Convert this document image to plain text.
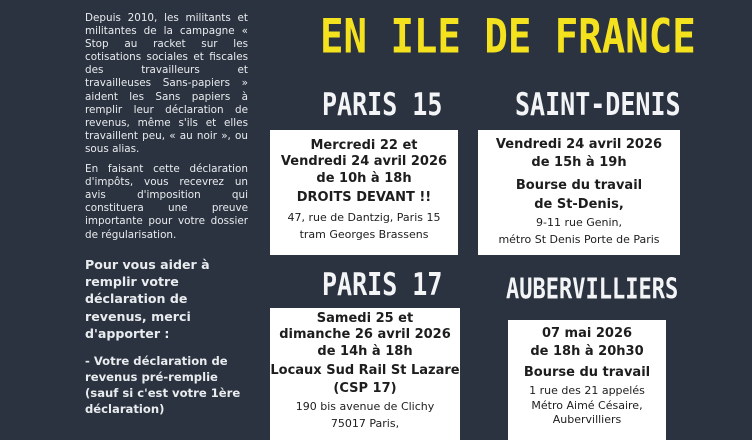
Depuis 2010, les militants et militantes de la campagne « Stop au racket sur les cotisations sociales et fiscales des travailleurs et travailleuses Sans-papiers » aident les Sans papiers à remplir leur déclaration de revenus, même s'ils et elles travaillent peu, « au noir », ou sous alias.

En faisant cette déclaration d'impôts, vous recevrez un avis d'imposition qui constituera une preuve importante pour votre dossier de régularisation.

Pour vous aider à remplir votre déclaration de revenus, merci d'apporter :

- Votre déclaration de revenus pré-remplie (sauf si c'est votre 1ère déclaration)

EN ILE DE FRANCE
PARIS 15
Mercredi 22 et
Vendredi 24 avril 2026
de 10h à 18h
DROITS DEVANT !!
47, rue de Dantzig, Paris 15
tram Georges Brassens
SAINT-DENIS
Vendredi 24 avril 2026
de 15h à 19h
Bourse du travail
de St-Denis,
9-11 rue Genin,
métro St Denis Porte de Paris
PARIS 17
Samedi 25 et
dimanche 26 avril 2026
de 14h à 18h
Locaux Sud Rail St Lazare
(CSP 17)
190 bis avenue de Clichy
75017 Paris,
AUBERVILLIERS
07 mai 2026
de 18h à 20h30
Bourse du travail
1 rue des 21 appelés
Métro Aimé Césaire,
Aubervilliers
